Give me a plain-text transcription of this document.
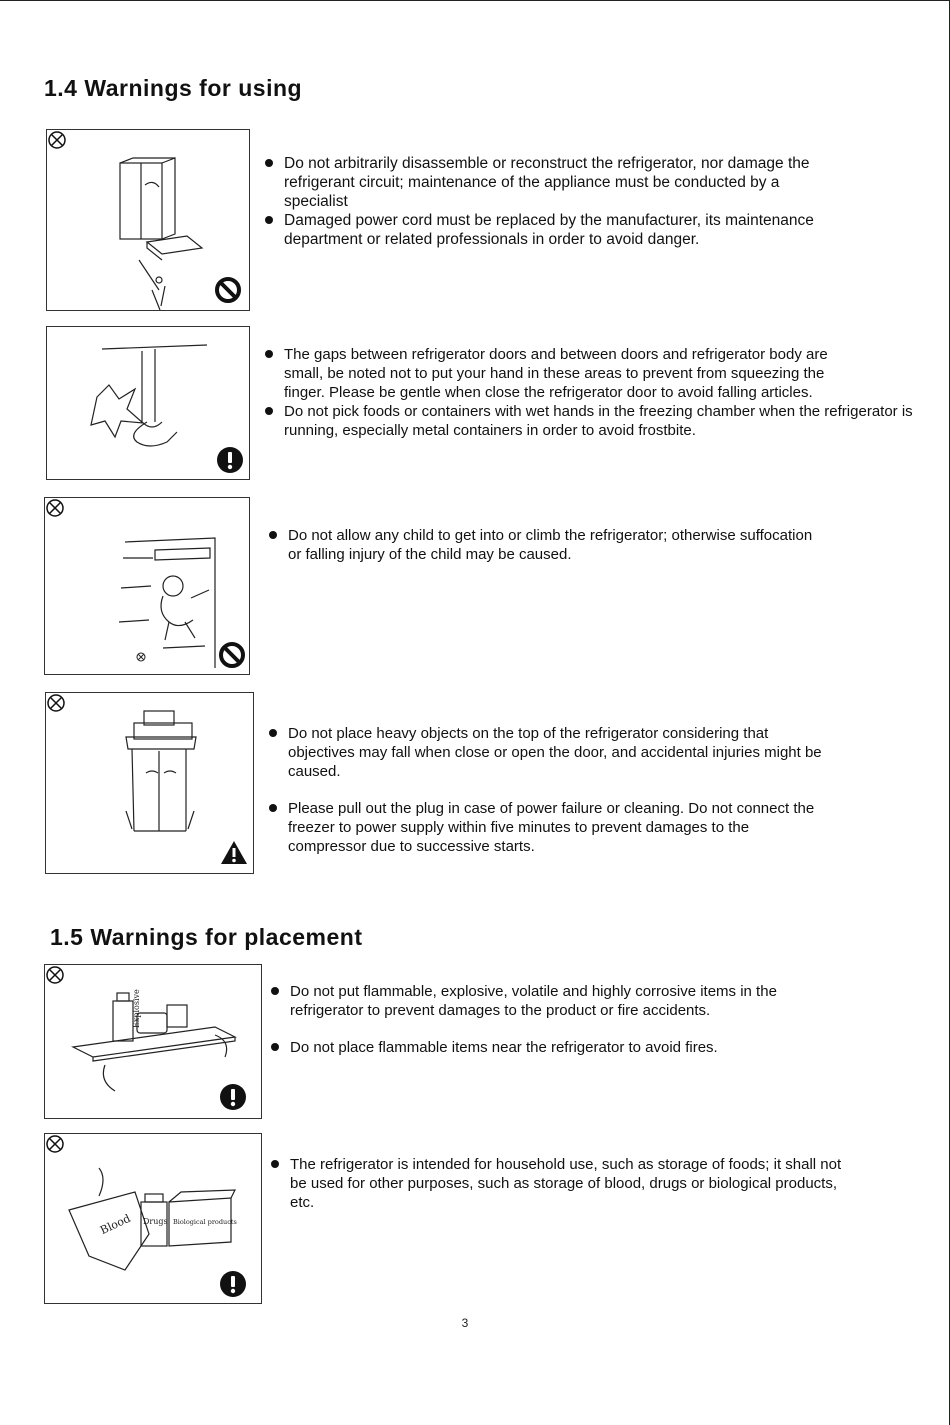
1.4 Warnings for using
Do not arbitrarily disassemble or reconstruct the refrigerator, nor damage the refrigerant circuit; maintenance of the appliance must be conducted by a specialist
Damaged power cord must be replaced by the manufacturer, its maintenance department or related professionals in order to avoid danger.
The gaps between refrigerator doors and between doors and refrigerator body are small, be noted not to put your hand in these areas to prevent from squeezing the finger. Please be gentle when close the refrigerator door to avoid falling articles.
Do not pick foods or containers with wet hands in the freezing chamber when the refrigerator is running, especially metal containers in order to avoid frostbite.
Do not allow any child to get into or climb the refrigerator; otherwise suffocation or falling injury of the child may be caused.
Do not place heavy objects on the top of the refrigerator considering that objectives may fall when close or open the door, and accidental injuries might be caused.
Please pull out the plug in case of power failure or cleaning. Do not connect the freezer to power supply within five minutes to prevent damages to the compressor due to successive starts.
1.5 Warnings for placement
Explosive	Do not put flammable, explosive, volatile and highly corrosive items in the refrigerator to prevent damages to the product or fire accidents.
Do not place flammable items near the refrigerator to avoid fires.
Blood Drugs Biological products
The refrigerator is intended for household use, such as storage of foods; it shall not be used for other purposes, such as storage of blood, drugs or biological products, etc.
3
